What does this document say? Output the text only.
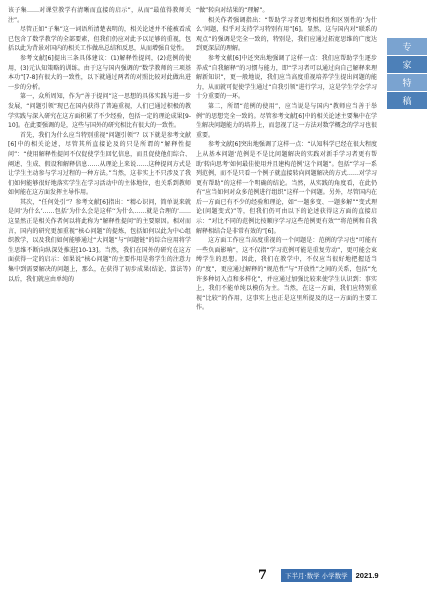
该子集……对课堂教学有清晰而直接的启示”，从而“最值得教师关注”。

尽管正如“子集”这一词语所清楚表明的，相关论述并不能被看成已包含了数学教学的全部要素，但我们仍应对此予以足够的重视，包括以此为背景对国内的相关工作做出总结和反思，从而增强自觉性。

参考文献[6]提出三条具体建议：(1)解释性提问，(2)范例的使用，(3)元认知策略的训练。由于这与国内强调的“数学教师的三项基本功”[7-8]有很大的一致性，以下就通过两者的对照比较对此做出进一步的分析。

第一，众所周知，作为“善于提问”这一思想的具体实践与进一步发展，“问题引领”现已在国内获得了普遍重视，人们已通过积极的教学实践与深入研究在这方面积累了不少经验，包括一定的理论成果[9-10]。在此要强调的是，这些与国外的研究相比有很大的一致性。

首先，我们为什么应当特别重视“问题引领”？以下就是参考文献[6]中的相关论述，尽管其所直接论及的只是所谓的“解释性提问”：“使用解释性提问不仅促使学生回忆信息，而且促使他们综合、阐述、生成、假设和解释信息……从理论上来说……这种提问方式是让学生主动参与学习过程的一种方法。”当然，这非实上不只涉及了我们如何能够很好地落实学生在学习活动中的主体地位，也关系到教师如何能在这方面发挥主导作用。

其次，“任何处引”？参考文献[6]指出：“精心识问，简单说来就是问‘为什么’……包括‘为什么会是这样’‘为什么……就是合理的’……这显然正是相关作者何以将此称为“解释性提问”的主要原因。相对而言，国内的研究更加重视“核心问题”的提炼，包括如何以此为中心组织教学，以及我们如何能够通过“大问题”与“问题链”的综合应用将学生思维不断向纵深处推进[10-13]。当然，我们在国外的研究在这方面获得一定的启示：如果说“核心问题”的主要作用是将学生的注意力集中到需要解决的问题上，那么，在获得了初步成果(结论、算法等)以后，我们就应由单纯的

“做”转向对结果的“理解”。

相关作者强调指出：“帮助学习者思考相似性和区别性的‘为什么’问题，似乎对支持学习特别有用”[6]。显然，这与国内对“联系的观点”的强调是完全一致的，特别是，我们应通过拓宽思维的广度达到更深层的理解。

参考文献[6]中还突出地强调了这样一点：我们应帮助学生逐步养成“自我解释”的习惯与能力，即“学习者可以通过向自己解释来理解新知识”，更一般地说，我们应当高度重视培养学生提出问题的能力，从而就可促使学生通过“自我引领”进行学习，这是学生学会学习十分重要的一环。

第二，所谓“范例的使用”，应当说是与国内“教师应当善于举例”的思想完全一致的。尽管参考文献[6]中的相关论述主要集中在学生解决问题能力的培养上，而忽视了这一方法对数学概念的学习也很重要。

参考文献[6]突出地强调了这样一点：“认知科学已经在很大程度上从基本问题‘范例是不是比问题解决的实践对新手学习者更有帮助’转向思考‘如何最佳使用并且建构范例’这个问题”。包括“学习一系列范例，而不是只看一个例子就直接转向问题解决的方式……对学习更有帮助”的这样一个明确的结论。当然，从实践的角度看，在此仍有“应当如何对众多范例进行组织”这样一个问题。另外，尽管国内在后一方面已有不少的经验和理论，如“一题多变、一题多解”“变式理论(问题变式)”等，但我们仍可由以下的论述获得这方面的直接启示：“对比不同的范例比按顺序学习这些范例更有效”“将范例和自我解释相结合是非常有效的”[6]。

这方面工作应当高度重视的一个问题是：范例的学习也“可能有一些负面影响”，这不仅指“学习范例可能是重复劳动”，更可能会束缚学生的思想。因此，我们在教学中，不仅应当很好地把握适当的“度”，更应通过解释的“规范性”与“开放性”之间的关系，包括“允许多种切入点和多样化”，并应通过加强比较来使学生认识到：事实上，我们不能单纯以模仿为主。当然，在这一方面，我们应特别重视“比较”的作用，这事实上也正是这里所提及的这一方面的主要工作。

专
家
特
稿
7	下半月·数学 小学数学	2021.9
